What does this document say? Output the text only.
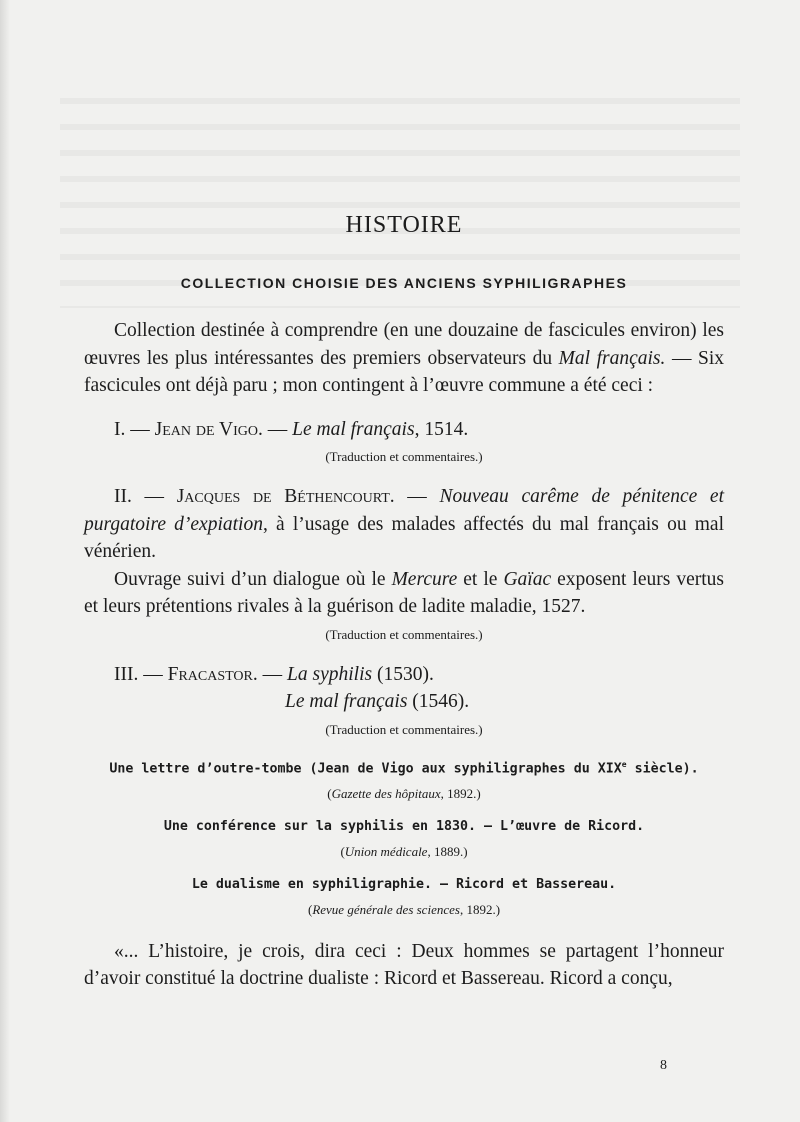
HISTOIRE
COLLECTION CHOISIE DES ANCIENS SYPHILIGRAPHES

Collection destinée à comprendre (en une douzaine de fascicules environ) les œuvres les plus intéressantes des premiers observateurs du Mal français. — Six fascicules ont déjà paru ; mon contingent à l’œuvre commune a été ceci :

I. — Jean de Vigo. — Le mal français, 1514.

(Traduction et commentaires.)

II. — Jacques de Béthencourt. — Nouveau carême de pénitence et purgatoire d’expiation, à l’usage des malades affectés du mal français ou mal vénérien.

Ouvrage suivi d’un dialogue où le Mercure et le Gaïac exposent leurs vertus et leurs prétentions rivales à la guérison de ladite maladie, 1527.

(Traduction et commentaires.)

III. — Fracastor. — La syphilis (1530).

Le mal français (1546).

(Traduction et commentaires.)
Une lettre d’outre-tombe (Jean de Vigo aux syphiligraphes du XIXe siècle).
(Gazette des hôpitaux, 1892.)
Une conférence sur la syphilis en 1830. — L’œuvre de Ricord.
(Union médicale, 1889.)
Le dualisme en syphiligraphie. — Ricord et Bassereau.
(Revue générale des sciences, 1892.)

«... L’histoire, je crois, dira ceci : Deux hommes se partagent l’honneur d’avoir constitué la doctrine dualiste : Ricord et Bassereau. Ricord a conçu,

8
